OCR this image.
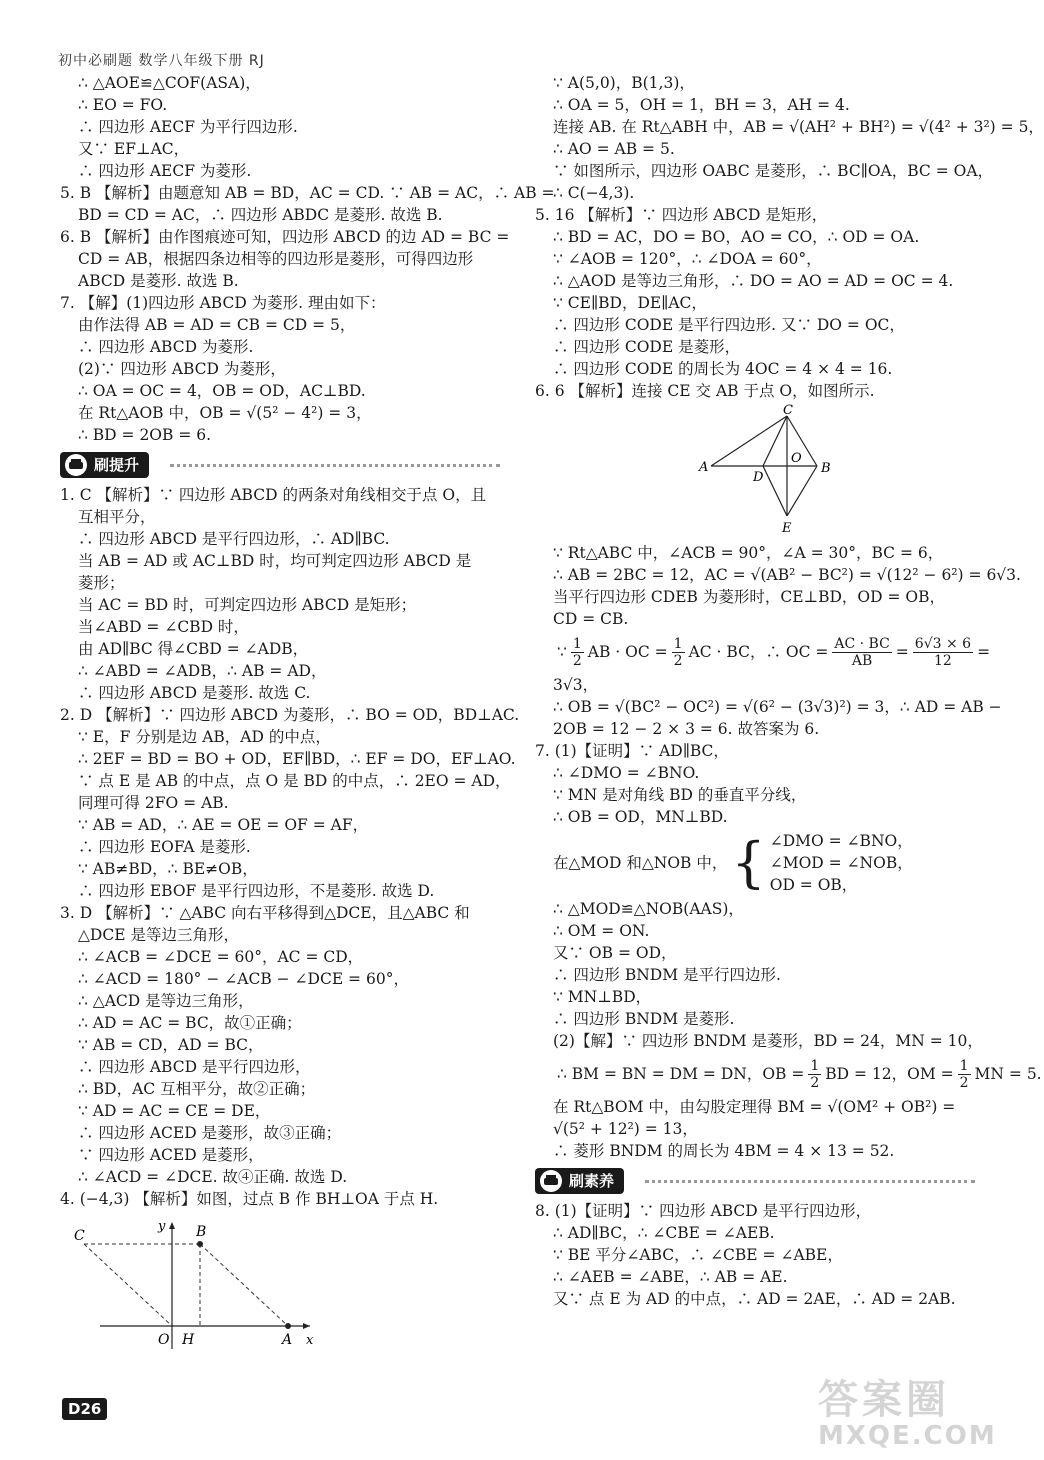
初中必刷题 数学八年级下册 RJ
∴ △AOE≌△COF(ASA)，
∴ EO = FO.
∴ 四边形 AECF 为平行四边形.
又∵ EF⊥AC，
∴ 四边形 AECF 为菱形.
5. B 【解析】由题意知 AB = BD，AC = CD. ∵ AB = AC，∴ AB =
BD = CD = AC，∴ 四边形 ABDC 是菱形. 故选 B.
6. B 【解析】由作图痕迹可知，四边形 ABCD 的边 AD = BC =
CD = AB，根据四条边相等的四边形是菱形，可得四边形
ABCD 是菱形. 故选 B.
7. 【解】(1)四边形 ABCD 为菱形. 理由如下：
由作法得 AB = AD = CB = CD = 5，
∴ 四边形 ABCD 为菱形.
(2)∵ 四边形 ABCD 为菱形，
∴ OA = OC = 4，OB = OD，AC⊥BD.
在 Rt△AOB 中，OB = √(5² − 4²) = 3，
∴ BD = 2OB = 6.
刷提升
1. C 【解析】∵ 四边形 ABCD 的两条对角线相交于点 O，且
互相平分，
∴ 四边形 ABCD 是平行四边形，∴ AD∥BC.
当 AB = AD 或 AC⊥BD 时，均可判定四边形 ABCD 是
菱形；
当 AC = BD 时，可判定四边形 ABCD 是矩形；
当∠ABD = ∠CBD 时，
由 AD∥BC 得∠CBD = ∠ADB，
∴ ∠ABD = ∠ADB，∴ AB = AD，
∴ 四边形 ABCD 是菱形. 故选 C.
2. D 【解析】∵ 四边形 ABCD 为菱形，∴ BO = OD，BD⊥AC.
∵ E，F 分别是边 AB，AD 的中点，
∴ 2EF = BD = BO + OD，EF∥BD，∴ EF = DO，EF⊥AO.
∵ 点 E 是 AB 的中点，点 O 是 BD 的中点，∴ 2EO = AD，
同理可得 2FO = AB.
∵ AB = AD，∴ AE = OE = OF = AF，
∴ 四边形 EOFA 是菱形.
∵ AB≠BD，∴ BE≠OB，
∴ 四边形 EBOF 是平行四边形，不是菱形. 故选 D.
3. D 【解析】∵ △ABC 向右平移得到△DCE，且△ABC 和
△DCE 是等边三角形，
∴ ∠ACB = ∠DCE = 60°，AC = CD，
∴ ∠ACD = 180° − ∠ACB − ∠DCE = 60°，
∴ △ACD 是等边三角形，
∴ AD = AC = BC，故①正确；
∵ AB = CD，AD = BC，
∴ 四边形 ABCD 是平行四边形，
∴ BD，AC 互相平分，故②正确；
∵ AD = AC = CE = DE，
∴ 四边形 ACED 是菱形，故③正确；
∵ 四边形 ACED 是菱形，
∴ ∠ACD = ∠DCE. 故④正确. 故选 D.
4. (−4,3) 【解析】如图，过点 B 作 BH⊥OA 于点 H.
C	B
y
O H	A x
∵ A(5,0)，B(1,3)，
∴ OA = 5，OH = 1，BH = 3，AH = 4.
连接 AB. 在 Rt△ABH 中，AB = √(AH² + BH²) = √(4² + 3²) = 5，
∴ AO = AB = 5.
∵ 如图所示，四边形 OABC 是菱形，∴ BC∥OA，BC = OA，
∴ C(−4,3).
5. 16 【解析】∵ 四边形 ABCD 是矩形，
∴ BD = AC，DO = BO，AO = CO，∴ OD = OA.
∵ ∠AOB = 120°，∴ ∠DOA = 60°，
∴ △AOD 是等边三角形，∴ DO = AO = AD = OC = 4.
∵ CE∥BD，DE∥AC，
∴ 四边形 CODE 是平行四边形. 又∵ DO = OC，
∴ 四边形 CODE 是菱形，
∴ 四边形 CODE 的周长为 4OC = 4 × 4 = 16.
6. 6 【解析】连接 CE 交 AB 于点 O，如图所示.
C
A
D
O
B
E
∵ Rt△ABC 中，∠ACB = 90°，∠A = 30°，BC = 6，
∴ AB = 2BC = 12，AC = √(AB² − BC²) = √(12² − 6²) = 6√3.
当平行四边形 CDEB 为菱形时，CE⊥BD，OD = OB，
CD = CB.
∵ $\frac{1}{2}$ AB · OC = $\frac{1}{2}$ AC · BC，∴ OC = $\frac{AC \cdot BC}{AB} = \frac{6√3 \times 6}{12}$ =
3√3，
∴ OB = √(BC² − OC²) = √(6² − (3√3)²) = 3，∴ AD = AB −
2OB = 12 − 2 × 3 = 6. 故答案为 6.
7. (1)【证明】∵ AD∥BC，
∴ ∠DMO = ∠BNO.
∵ MN 是对角线 BD 的垂直平分线，
∴ OB = OD，MN⊥BD.
在△MOD 和△NOB 中， { ∠DMO = ∠BNO，
∠MOD = ∠NOB，
OD = OB，
∴ △MOD≌△NOB(AAS)，
∴ OM = ON.
又∵ OB = OD，
∴ 四边形 BNDM 是平行四边形.
∵ MN⊥BD，
∴ 四边形 BNDM 是菱形.
(2)【解】∵ 四边形 BNDM 是菱形，BD = 24，MN = 10，
∴ BM = BN = DM = DN，OB = $\frac{1}{2}$ BD = 12，OM = $\frac{1}{2}$ MN = 5.
在 Rt△BOM 中，由勾股定理得 BM = √(OM² + OB²) =
√(5² + 12²) = 13，
∴ 菱形 BNDM 的周长为 4BM = 4 × 13 = 52.
刷素养
8. (1)【证明】∵ 四边形 ABCD 是平行四边形，
∴ AD∥BC，∴ ∠CBE = ∠AEB.
∵ BE 平分∠ABC，∴ ∠CBE = ∠ABE，
∴ ∠AEB = ∠ABE，∴ AB = AE.
又∵ 点 E 为 AD 的中点，∴ AD = 2AE，∴ AD = 2AB.
D26	答案圈
MXQE.COM
